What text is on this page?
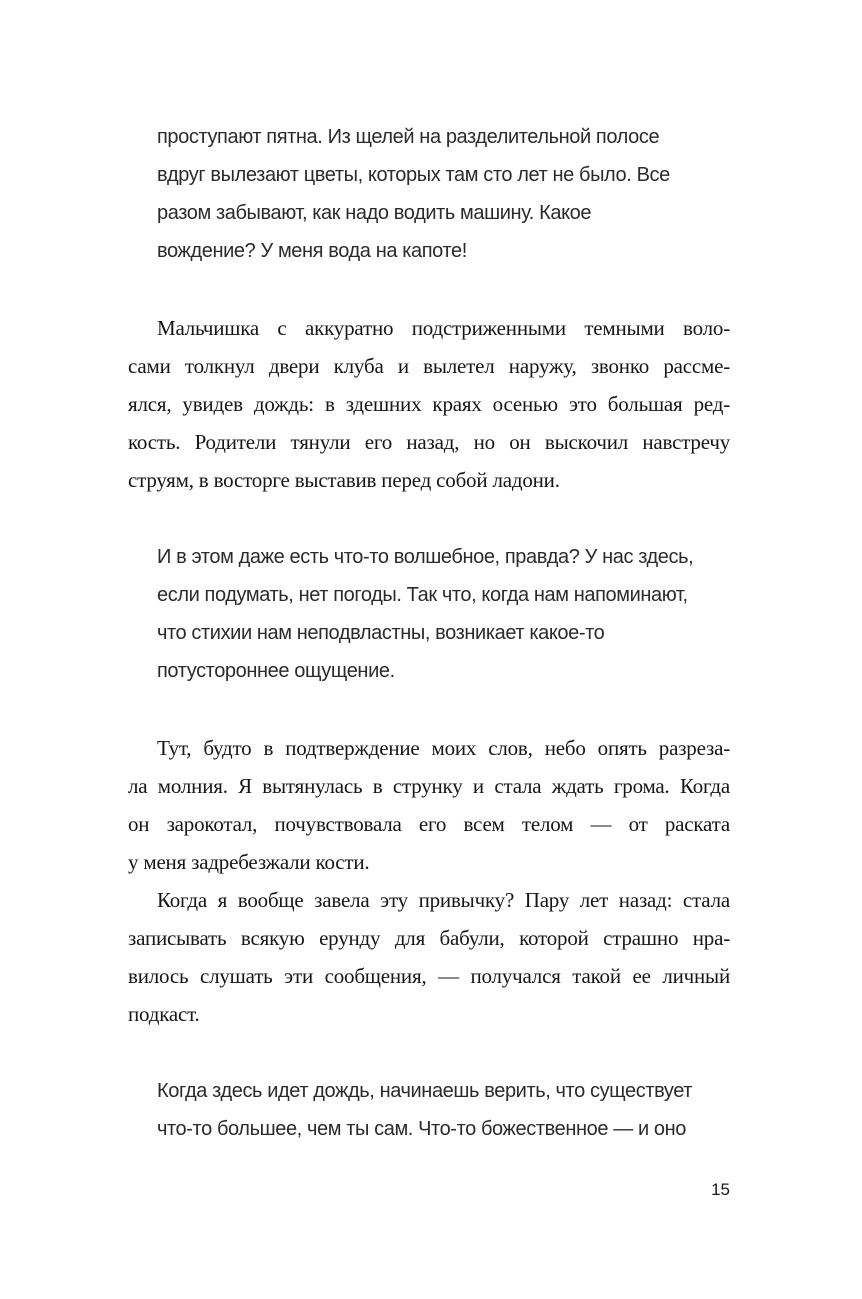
проступают пятна. Из щелей на разделительной полосе
вдруг вылезают цветы, которых там сто лет не было. Все
разом забывают, как надо водить машину. Какое
вождение? У меня вода на капоте!
Мальчишка с аккуратно подстриженными темными воло-
сами толкнул двери клуба и вылетел наружу, звонко рассме-
ялся, увидев дождь: в здешних краях осенью это большая ред-
кость. Родители тянули его назад, но он выскочил навстречу
струям, в восторге выставив перед собой ладони.
И в этом даже есть что-то волшебное, правда? У нас здесь,
если подумать, нет погоды. Так что, когда нам напоминают,
что стихии нам неподвластны, возникает какое-то
потустороннее ощущение.
Тут, будто в подтверждение моих слов, небо опять разреза-
ла молния. Я вытянулась в струнку и стала ждать грома. Когда
он зарокотал, почувствовала его всем телом — от раската
у меня задребезжали кости.
Когда я вообще завела эту привычку? Пару лет назад: стала
записывать всякую ерунду для бабули, которой страшно нра-
вилось слушать эти сообщения, — получался такой ее личный
подкаст.
Когда здесь идет дождь, начинаешь верить, что существует
что-то большее, чем ты сам. Что-то божественное — и оно
15
